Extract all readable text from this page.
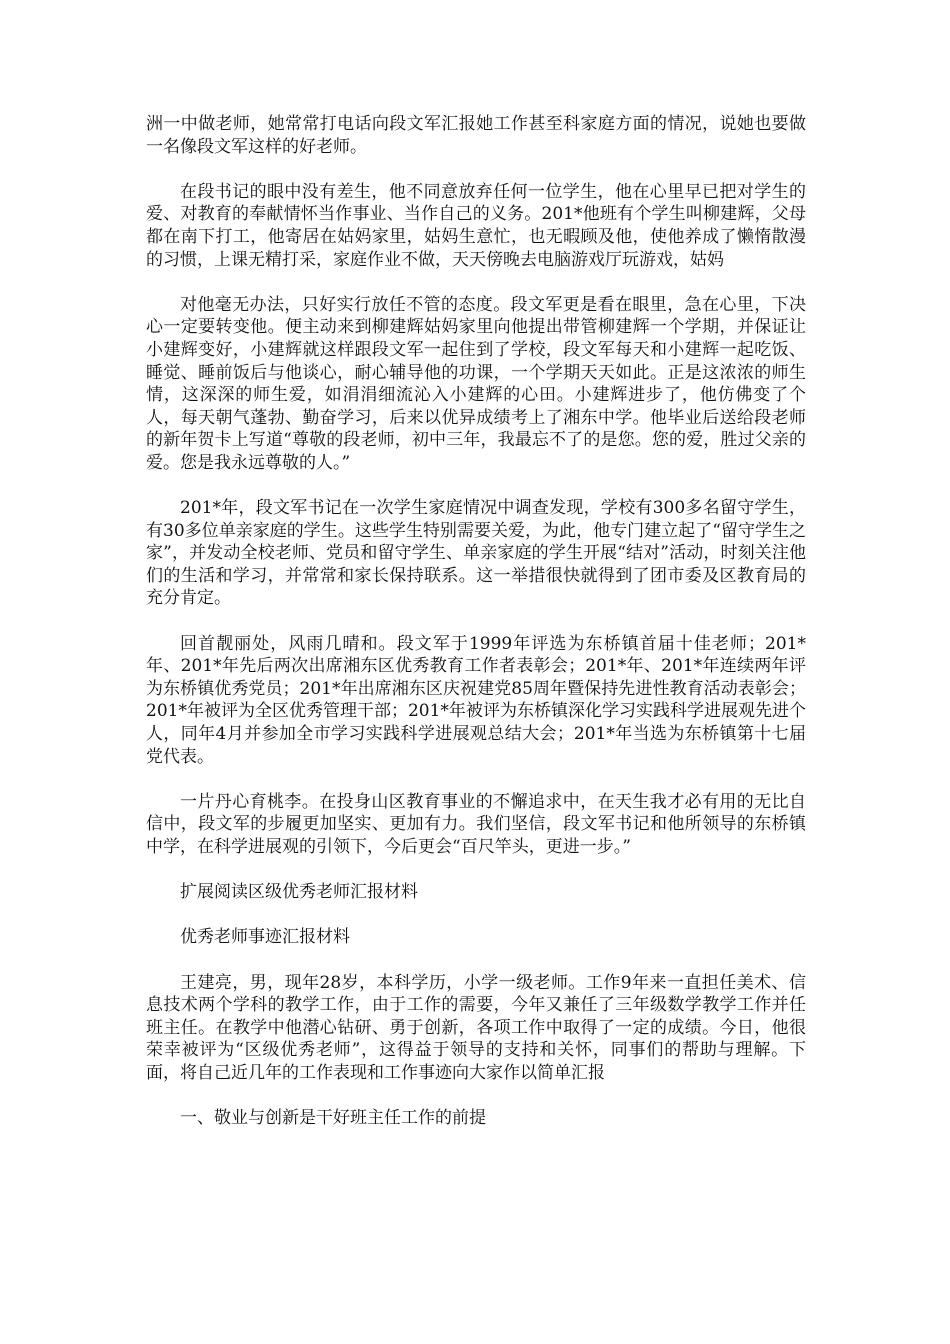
洲一中做老师，她常常打电话向段文军汇报她工作甚至科家庭方面的情况，说她也要做一名像段文军这样的好老师。

在段书记的眼中没有差生，他不同意放弃任何一位学生，他在心里早已把对学生的爱、对教育的奉献情怀当作事业、当作自己的义务。201*他班有个学生叫柳建辉，父母都在南下打工，他寄居在姑妈家里，姑妈生意忙，也无暇顾及他，使他养成了懒惰散漫的习惯，上课无精打采，家庭作业不做，天天傍晚去电脑游戏厅玩游戏，姑妈

对他毫无办法，只好实行放任不管的态度。段文军更是看在眼里，急在心里，下决心一定要转变他。便主动来到柳建辉姑妈家里向他提出带管柳建辉一个学期，并保证让小建辉变好，小建辉就这样跟段文军一起住到了学校，段文军每天和小建辉一起吃饭、睡觉、睡前饭后与他谈心，耐心辅导他的功课，一个学期天天如此。正是这浓浓的师生情，这深深的师生爱，如涓涓细流沁入小建辉的心田。小建辉进步了，他仿佛变了个人，每天朝气蓬勃、勤奋学习，后来以优异成绩考上了湘东中学。他毕业后送给段老师的新年贺卡上写道“尊敬的段老师，初中三年，我最忘不了的是您。您的爱，胜过父亲的爱。您是我永远尊敬的人。”

201*年，段文军书记在一次学生家庭情况中调查发现，学校有300多名留守学生，有30多位单亲家庭的学生。这些学生特别需要关爱，为此，他专门建立起了“留守学生之家”，并发动全校老师、党员和留守学生、单亲家庭的学生开展“结对”活动，时刻关注他们的生活和学习，并常常和家长保持联系。这一举措很快就得到了团市委及区教育局的充分肯定。

回首靓丽处，风雨几晴和。段文军于1999年评选为东桥镇首届十佳老师；201*年、201*年先后两次出席湘东区优秀教育工作者表彰会；201*年、201*年连续两年评为东桥镇优秀党员；201*年出席湘东区庆祝建党85周年暨保持先进性教育活动表彰会；201*年被评为全区优秀管理干部；201*年被评为东桥镇深化学习实践科学进展观先进个人，同年4月并参加全市学习实践科学进展观总结大会；201*年当选为东桥镇第十七届党代表。

一片丹心育桃李。在投身山区教育事业的不懈追求中，在天生我才必有用的无比自信中，段文军的步履更加坚实、更加有力。我们坚信，段文军书记和他所领导的东桥镇中学，在科学进展观的引领下，今后更会“百尺竿头，更进一步。”

扩展阅读区级优秀老师汇报材料

优秀老师事迹汇报材料

王建亮，男，现年28岁，本科学历，小学一级老师。工作9年来一直担任美术、信息技术两个学科的教学工作，由于工作的需要，今年又兼任了三年级数学教学工作并任班主任。在教学中他潜心钻研、勇于创新，各项工作中取得了一定的成绩。今日，他很荣幸被评为“区级优秀老师”，这得益于领导的支持和关怀，同事们的帮助与理解。下面，将自己近几年的工作表现和工作事迹向大家作以简单汇报

一、敬业与创新是干好班主任工作的前提
